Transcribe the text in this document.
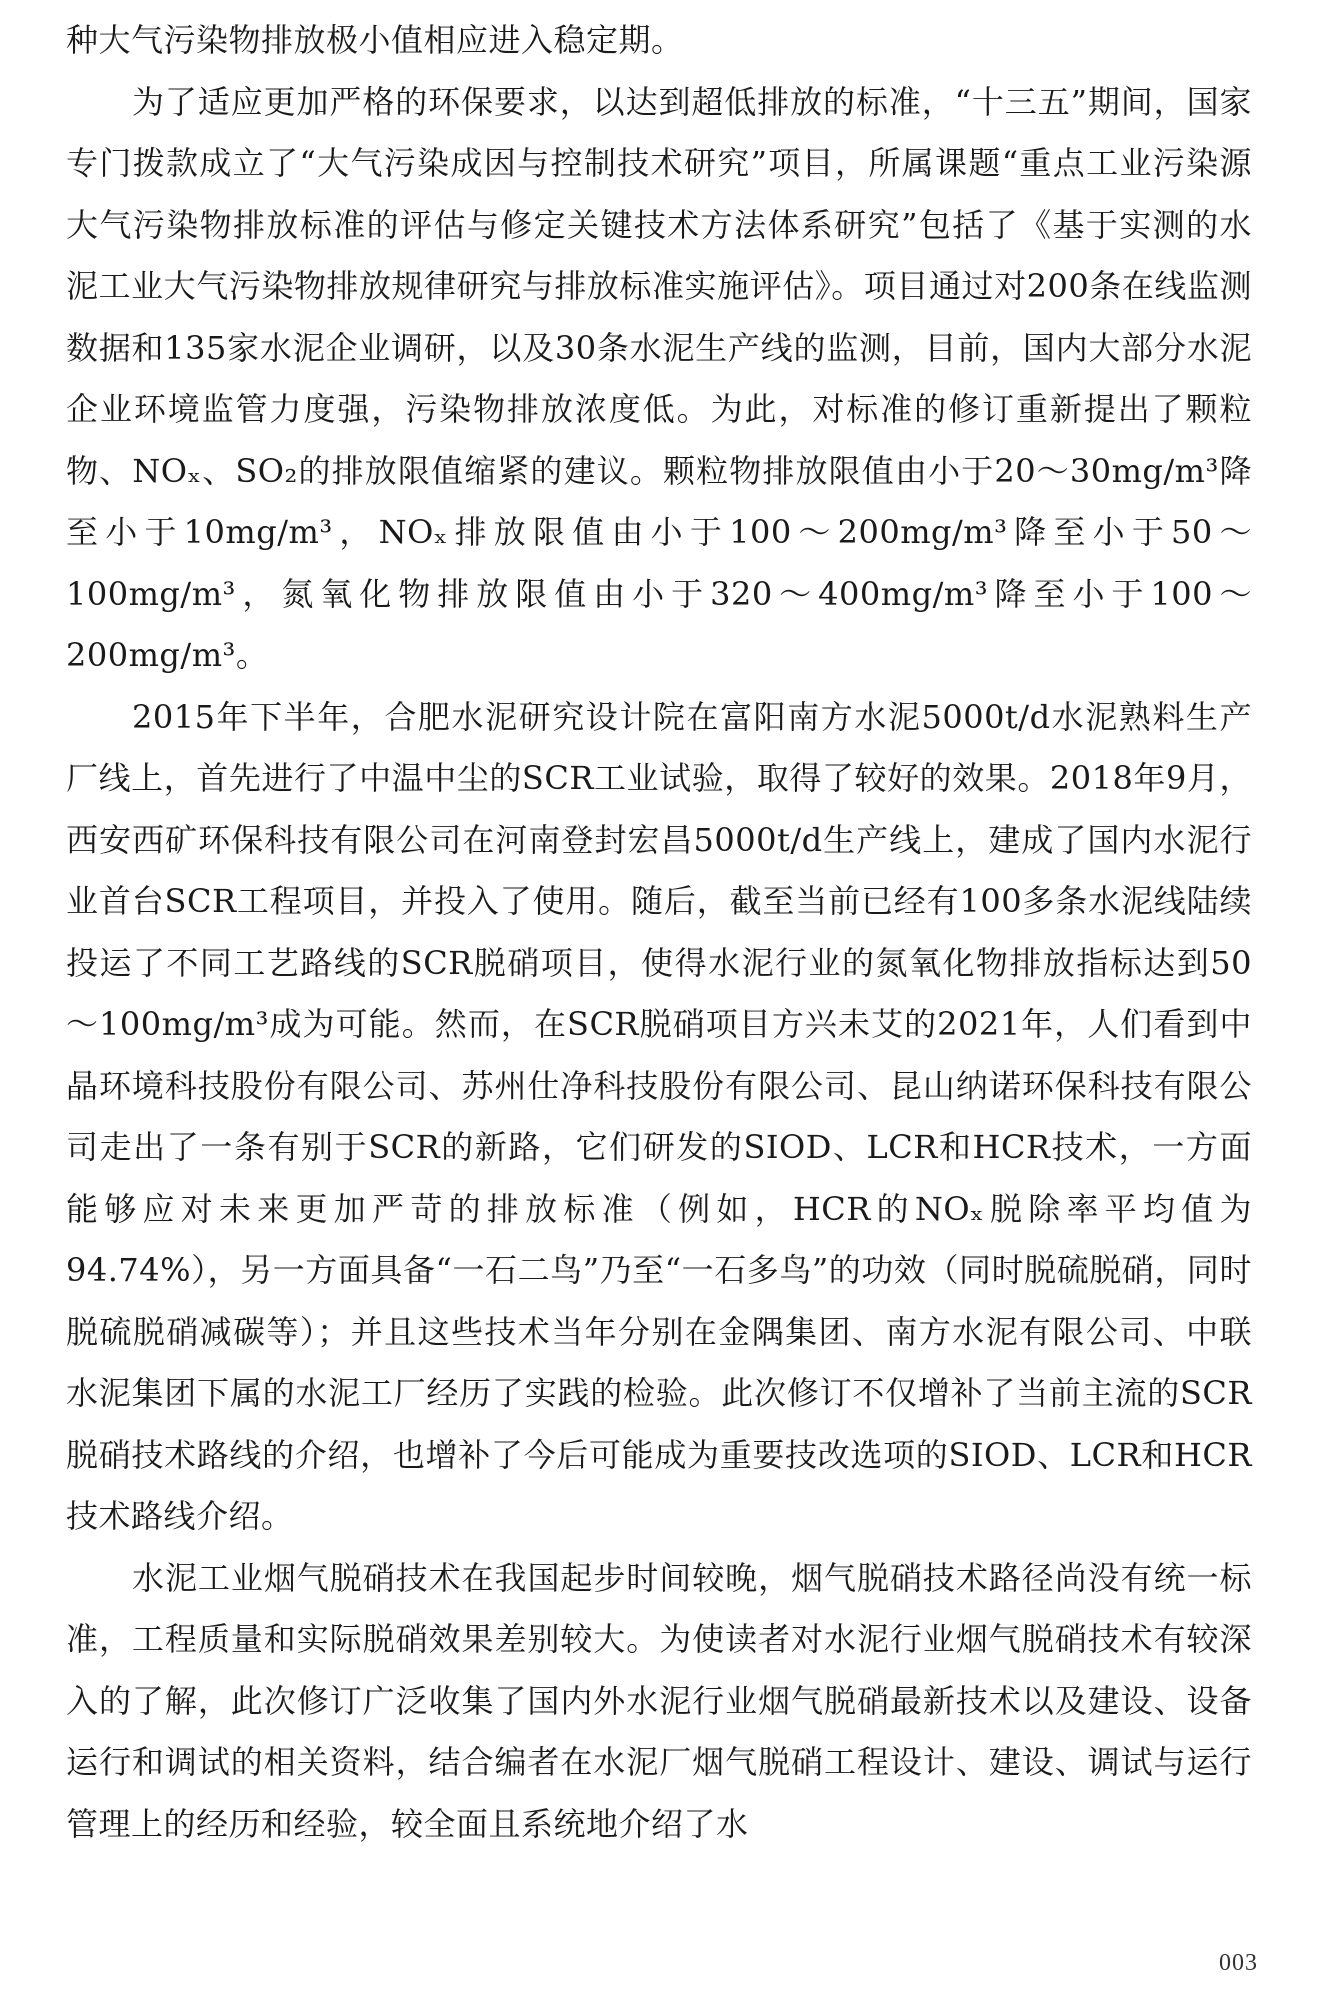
种大气污染物排放极小值相应进入稳定期。

为了适应更加严格的环保要求，以达到超低排放的标准，“十三五”期间，国家专门拨款成立了“大气污染成因与控制技术研究”项目，所属课题“重点工业污染源大气污染物排放标准的评估与修定关键技术方法体系研究”包括了《基于实测的水泥工业大气污染物排放规律研究与排放标准实施评估》。项目通过对200条在线监测数据和135家水泥企业调研，以及30条水泥生产线的监测，目前，国内大部分水泥企业环境监管力度强，污染物排放浓度低。为此，对标准的修订重新提出了颗粒物、NOₓ、SO₂的排放限值缩紧的建议。颗粒物排放限值由小于20～30mg/m³降至小于10mg/m³，NOₓ排放限值由小于100～200mg/m³降至小于50～100mg/m³，氮氧化物排放限值由小于320～400mg/m³降至小于100～200mg/m³。

2015年下半年，合肥水泥研究设计院在富阳南方水泥5000t/d水泥熟料生产厂线上，首先进行了中温中尘的SCR工业试验，取得了较好的效果。2018年9月，西安西矿环保科技有限公司在河南登封宏昌5000t/d生产线上，建成了国内水泥行业首台SCR工程项目，并投入了使用。随后，截至当前已经有100多条水泥线陆续投运了不同工艺路线的SCR脱硝项目，使得水泥行业的氮氧化物排放指标达到50～100mg/m³成为可能。然而，在SCR脱硝项目方兴未艾的2021年，人们看到中晶环境科技股份有限公司、苏州仕净科技股份有限公司、昆山纳诺环保科技有限公司走出了一条有别于SCR的新路，它们研发的SIOD、LCR和HCR技术，一方面能够应对未来更加严苛的排放标准（例如，HCR的NOₓ脱除率平均值为94.74%），另一方面具备“一石二鸟”乃至“一石多鸟”的功效（同时脱硫脱硝，同时脱硫脱硝减碳等）；并且这些技术当年分别在金隅集团、南方水泥有限公司、中联水泥集团下属的水泥工厂经历了实践的检验。此次修订不仅增补了当前主流的SCR脱硝技术路线的介绍，也增补了今后可能成为重要技改选项的SIOD、LCR和HCR技术路线介绍。

水泥工业烟气脱硝技术在我国起步时间较晚，烟气脱硝技术路径尚没有统一标准，工程质量和实际脱硝效果差别较大。为使读者对水泥行业烟气脱硝技术有较深入的了解，此次修订广泛收集了国内外水泥行业烟气脱硝最新技术以及建设、设备运行和调试的相关资料，结合编者在水泥厂烟气脱硝工程设计、建设、调试与运行管理上的经历和经验，较全面且系统地介绍了水

003
